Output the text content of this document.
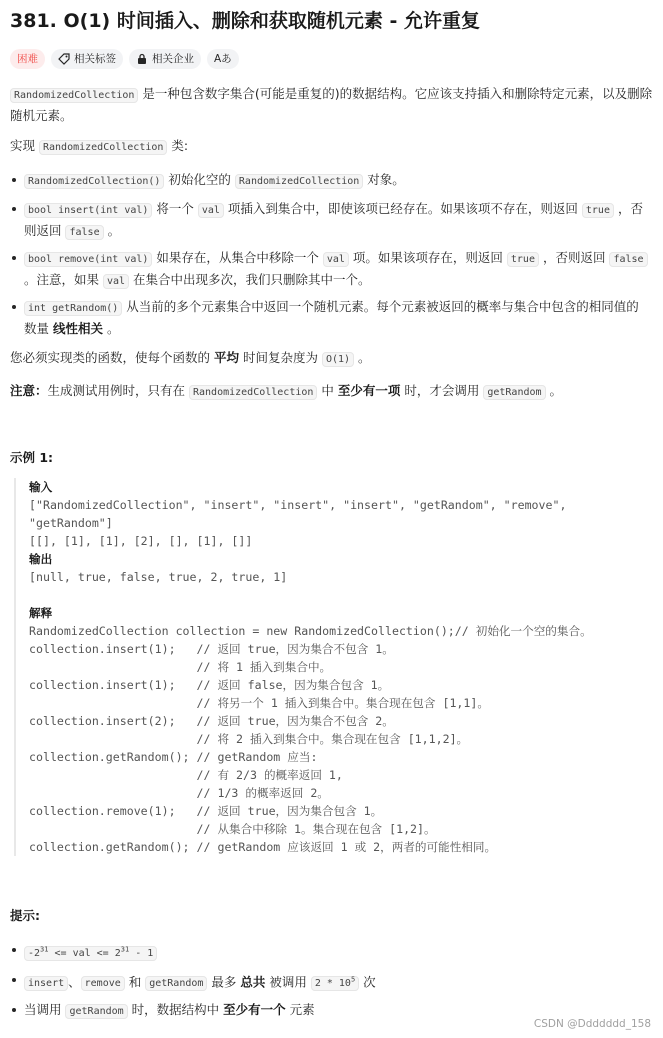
381. O(1) 时间插入、删除和获取随机元素 - 允许重复
困难	相关标签	相关企业	Aあ
RandomizedCollection 是一种包含数字集合(可能是重复的)的数据结构。它应该支持插入和删除特定元素，以及删除随机元素。
实现 RandomizedCollection 类:
RandomizedCollection() 初始化空的 RandomizedCollection 对象。
bool insert(int val) 将一个 val 项插入到集合中，即使该项已经存在。如果该项不存在，则返回 true ，否则返回 false 。
bool remove(int val) 如果存在，从集合中移除一个 val 项。如果该项存在，则返回 true ，否则返回 false 。注意，如果 val 在集合中出现多次，我们只删除其中一个。
int getRandom() 从当前的多个元素集合中返回一个随机元素。每个元素被返回的概率与集合中包含的相同值的数量 线性相关 。
您必须实现类的函数，使每个函数的 平均 时间复杂度为 O(1) 。
注意：生成测试用例时，只有在 RandomizedCollection 中 至少有一项 时，才会调用 getRandom 。
示例 1:
提示:
$-2^{31}$ <= val <= $2^{31} - 1$
insert 、 remove 和 getRandom 最多 总共 被调用 $2 * 10^5$ 次
当调用 getRandom 时，数据结构中 至少有一个 元素
输入
["RandomizedCollection", "insert", "insert", "insert", "getRandom", "remove",
"getRandom"]
[[], [1], [1], [2], [], [1], []]
输出
[null, true, false, true, 2, true, 1]
解释
RandomizedCollection collection = new RandomizedCollection();// 初始化一个空的集合。
collection.insert(1);   // 返回 true，因为集合不包含 1。
// 将 1 插入到集合中。
collection.insert(1);   // 返回 false，因为集合包含 1。
// 将另一个 1 插入到集合中。集合现在包含 [1,1]。
collection.insert(2);   // 返回 true，因为集合不包含 2。
// 将 2 插入到集合中。集合现在包含 [1,1,2]。
collection.getRandom(); // getRandom 应当:
// 有 2/3 的概率返回 1,
// 1/3 的概率返回 2。
collection.remove(1);   // 返回 true，因为集合包含 1。
// 从集合中移除 1。集合现在包含 [1,2]。
collection.getRandom(); // getRandom 应该返回 1 或 2，两者的可能性相同。
CSDN @Ddddddd_158
